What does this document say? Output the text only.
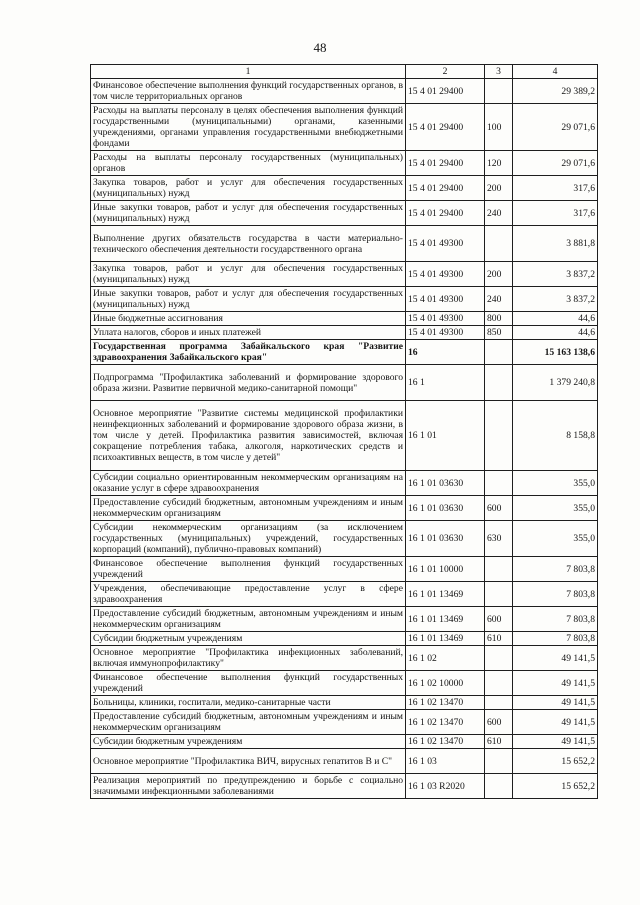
48
1	2	3	4
Финансовое обеспечение выполнения функций государственных органов, в том числе территориальных органов	15 4 01 29400		29 389,2
Расходы на выплаты персоналу в целях обеспечения выполнения функций государственными (муниципальными) органами, казенными учреждениями, органами управления государственными внебюджетными фондами	15 4 01 29400	100	29 071,6
Расходы на выплаты персоналу государственных (муниципальных) органов	15 4 01 29400	120	29 071,6
Закупка товаров, работ и услуг для обеспечения государственных (муниципальных) нужд	15 4 01 29400	200	317,6
Иные закупки товаров, работ и услуг для обеспечения государственных (муниципальных) нужд	15 4 01 29400	240	317,6
Выполнение других обязательств государства в части материально-технического обеспечения деятельности государственного органа	15 4 01 49300		3 881,8
Закупка товаров, работ и услуг для обеспечения государственных (муниципальных) нужд	15 4 01 49300	200	3 837,2
Иные закупки товаров, работ и услуг для обеспечения государственных (муниципальных) нужд	15 4 01 49300	240	3 837,2
Иные бюджетные ассигнования	15 4 01 49300	800	44,6
Уплата налогов, сборов и иных платежей	15 4 01 49300	850	44,6
Государственная программа Забайкальского края "Развитие здравоохранения Забайкальского края"	16		15 163 138,6
Подпрограмма "Профилактика заболеваний и формирование здорового образа жизни. Развитие первичной медико-санитарной помощи"	16 1		1 379 240,8
Основное мероприятие "Развитие системы медицинской профилактики неинфекционных заболеваний и формирование здорового образа жизни, в том числе у детей. Профилактика развития зависимостей, включая сокращение потребления табака, алкоголя, наркотических средств и психоактивных веществ, в том числе у детей"	16 1 01		8 158,8
Субсидии социально ориентированным некоммерческим организациям на оказание услуг в сфере здравоохранения	16 1 01 03630		355,0
Предоставление субсидий бюджетным, автономным учреждениям и иным некоммерческим организациям	16 1 01 03630	600	355,0
Субсидии некоммерческим организациям (за исключением государственных (муниципальных) учреждений, государственных корпораций (компаний), публично-правовых компаний)	16 1 01 03630	630	355,0
Финансовое обеспечение выполнения функций государственных учреждений	16 1 01 10000		7 803,8
Учреждения, обеспечивающие предоставление услуг в сфере здравоохранения	16 1 01 13469		7 803,8
Предоставление субсидий бюджетным, автономным учреждениям и иным некоммерческим организациям	16 1 01 13469	600	7 803,8
Субсидии бюджетным учреждениям	16 1 01 13469	610	7 803,8
Основное мероприятие "Профилактика инфекционных заболеваний, включая иммунопрофилактику"	16 1 02		49 141,5
Финансовое обеспечение выполнения функций государственных учреждений	16 1 02 10000		49 141,5
Больницы, клиники, госпитали, медико-санитарные части	16 1 02 13470		49 141,5
Предоставление субсидий бюджетным, автономным учреждениям и иным некоммерческим организациям	16 1 02 13470	600	49 141,5
Субсидии бюджетным учреждениям	16 1 02 13470	610	49 141,5
Основное мероприятие "Профилактика ВИЧ, вирусных гепатитов В и С"	16 1 03		15 652,2
Реализация мероприятий по предупреждению и борьбе с социально значимыми инфекционными заболеваниями	16 1 03 R2020		15 652,2
